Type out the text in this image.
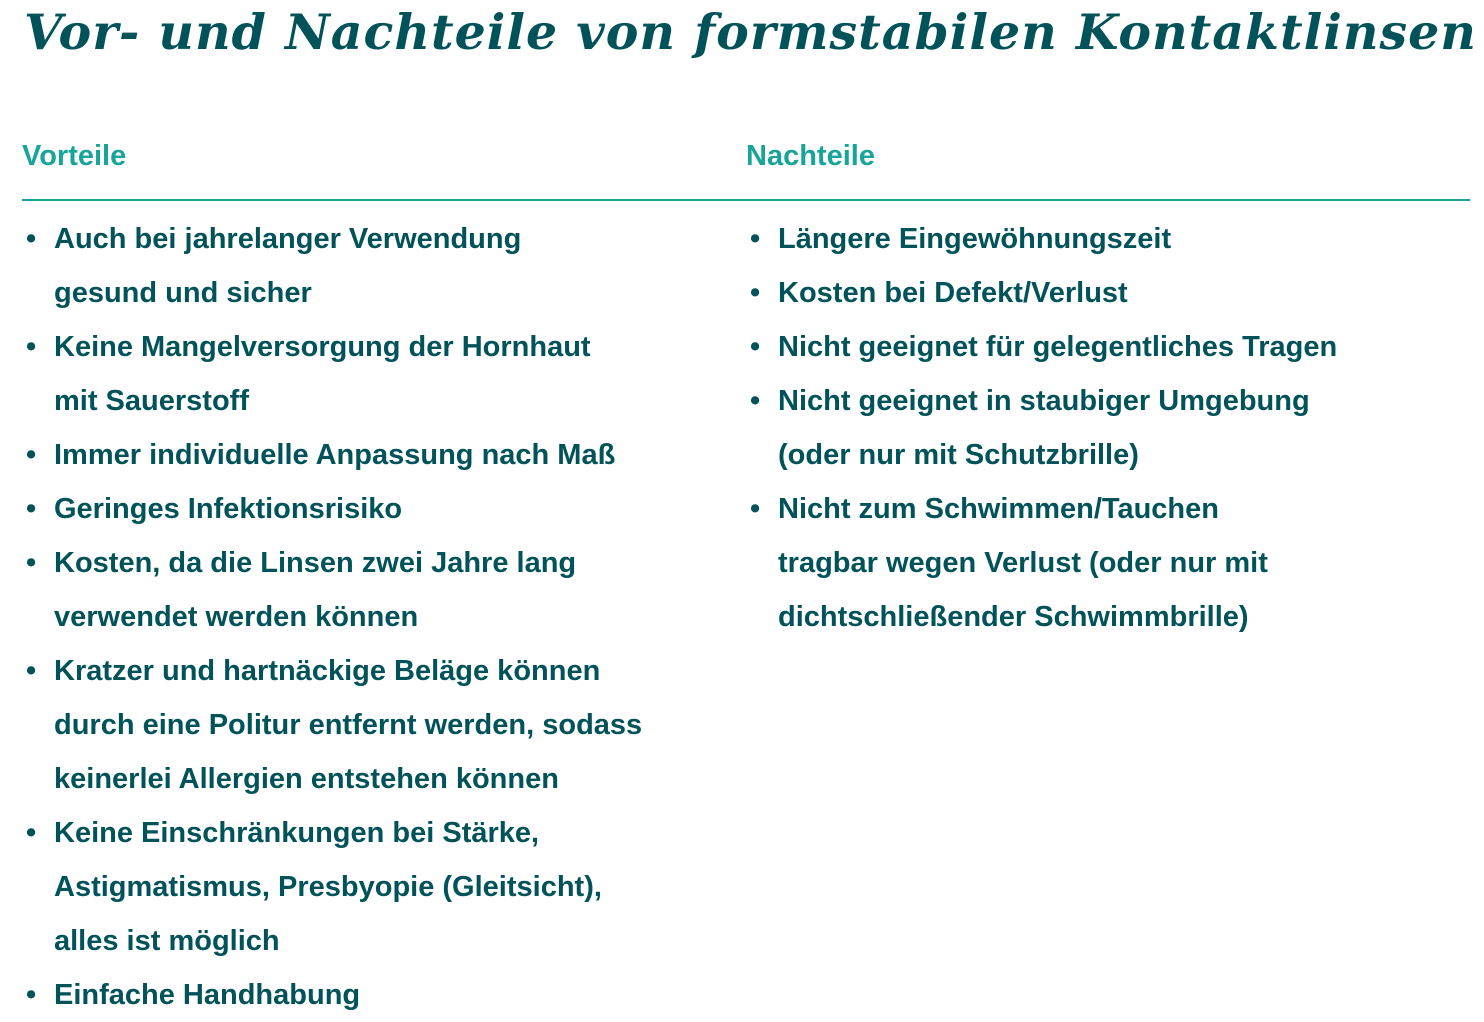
Vor- und Nachteile von formstabilen Kontaktlinsen
Vorteile	Nachteile
• Auch bei jahrelanger Verwendung
gesund und sicher
• Keine Mangelversorgung der Hornhaut
mit Sauerstoff
• Immer individuelle Anpassung nach Maß
• Geringes Infektionsrisiko
• Kosten, da die Linsen zwei Jahre lang
verwendet werden können
• Kratzer und hartnäckige Beläge können
durch eine Politur entfernt werden, sodass
keinerlei Allergien entstehen können
• Keine Einschränkungen bei Stärke,
Astigmatismus, Presbyopie (Gleitsicht),
alles ist möglich
• Einfache Handhabung
• Längere Eingewöhnungszeit
• Kosten bei Defekt/Verlust
• Nicht geeignet für gelegentliches Tragen
• Nicht geeignet in staubiger Umgebung
(oder nur mit Schutzbrille)
• Nicht zum Schwimmen/Tauchen
tragbar wegen Verlust (oder nur mit
dichtschließender Schwimmbrille)
